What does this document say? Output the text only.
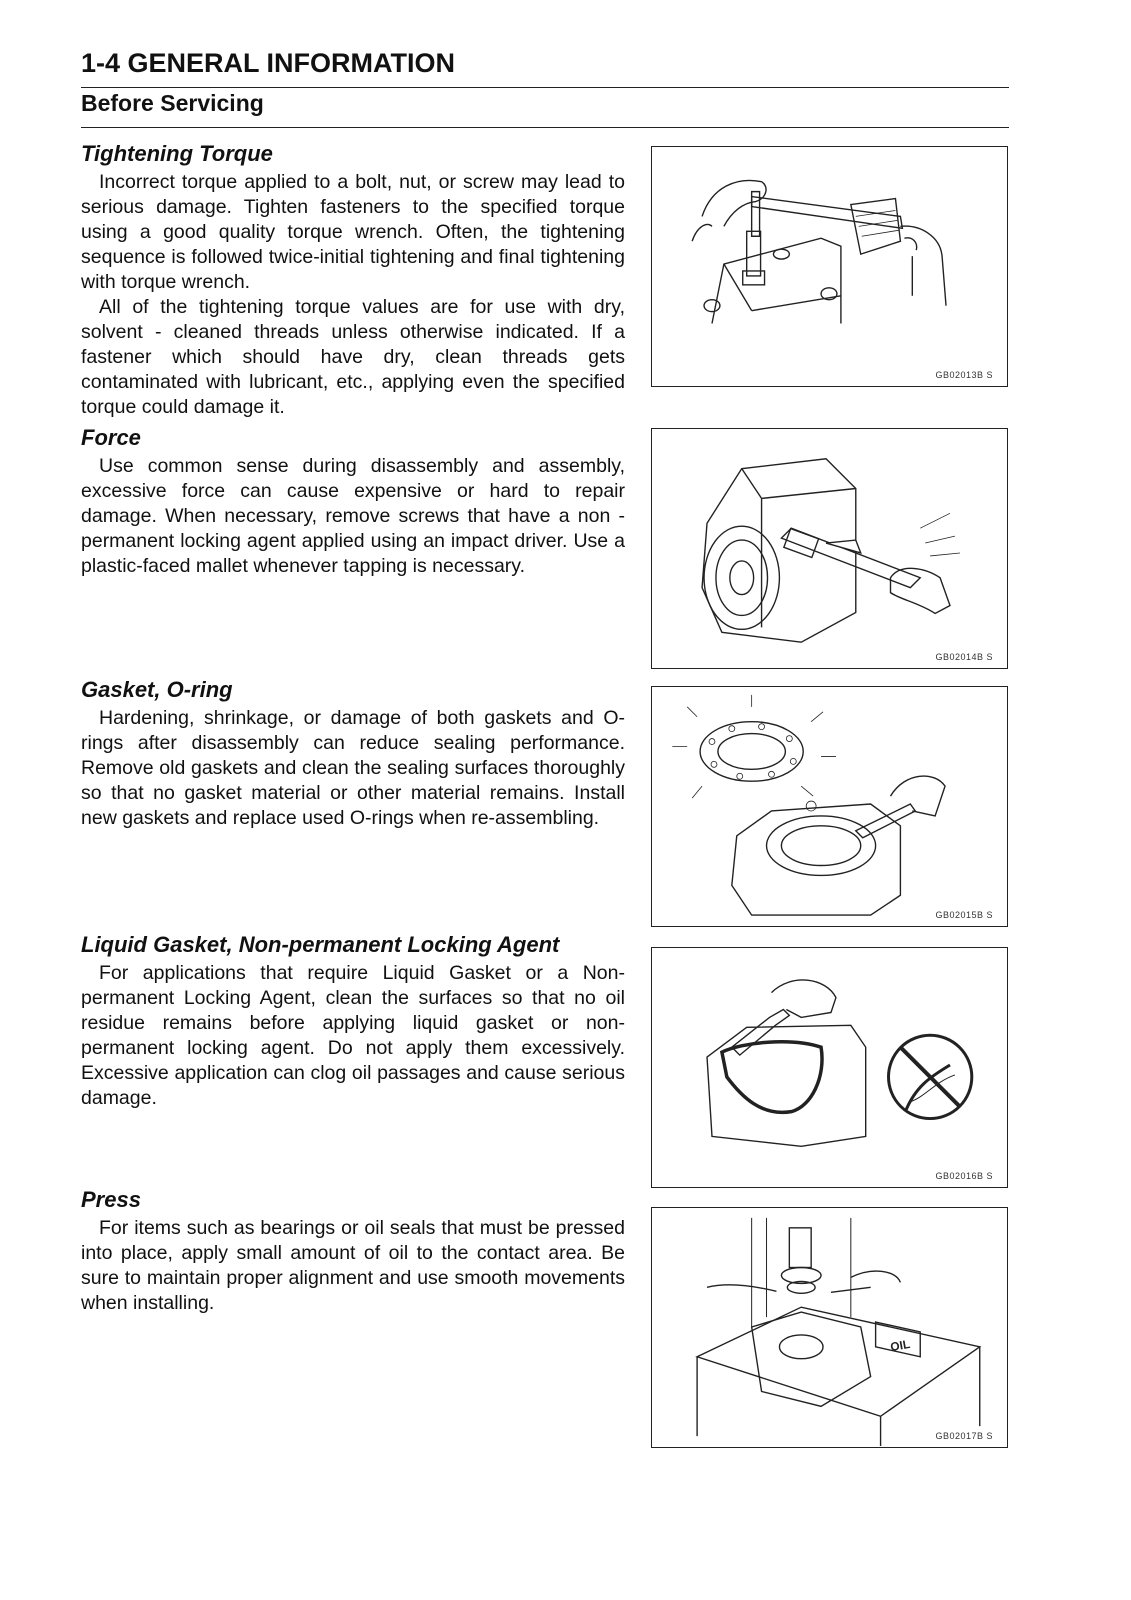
1-4 GENERAL INFORMATION
Before Servicing
Tightening Torque

Incorrect torque applied to a bolt, nut, or screw may lead to serious damage. Tighten fasteners to the specified torque using a good quality torque wrench. Often, the tightening sequence is followed twice-initial tightening and final tightening with torque wrench.

All of the tightening torque values are for use with dry, solvent - cleaned threads unless otherwise indicated. If a fastener which should have dry, clean threads gets contaminated with lubricant, etc., applying even the specified torque could damage it.

GB02013B S
Force

Use common sense during disassembly and assembly, excessive force can cause expensive or hard to repair damage. When necessary, remove screws that have a non -permanent locking agent applied using an impact driver. Use a plastic-faced mallet whenever tapping is necessary.

GB02014B S
Gasket, O-ring

Hardening, shrinkage, or damage of both gaskets and O-rings after disassembly can reduce sealing performance. Remove old gaskets and clean the sealing surfaces thoroughly so that no gasket material or other material remains. Install new gaskets and replace used O-rings when re-assembling.

GB02015B S
Liquid Gasket, Non-permanent Locking Agent

For applications that require Liquid Gasket or a Non-permanent Locking Agent, clean the surfaces so that no oil residue remains before applying liquid gasket or non-permanent locking agent. Do not apply them excessively. Excessive application can clog oil passages and cause serious damage.

GB02016B S
Press

For items such as bearings or oil seals that must be pressed into place, apply small amount of oil to the contact area. Be sure to maintain proper alignment and use smooth movements when installing.

OIL
GB02017B S
